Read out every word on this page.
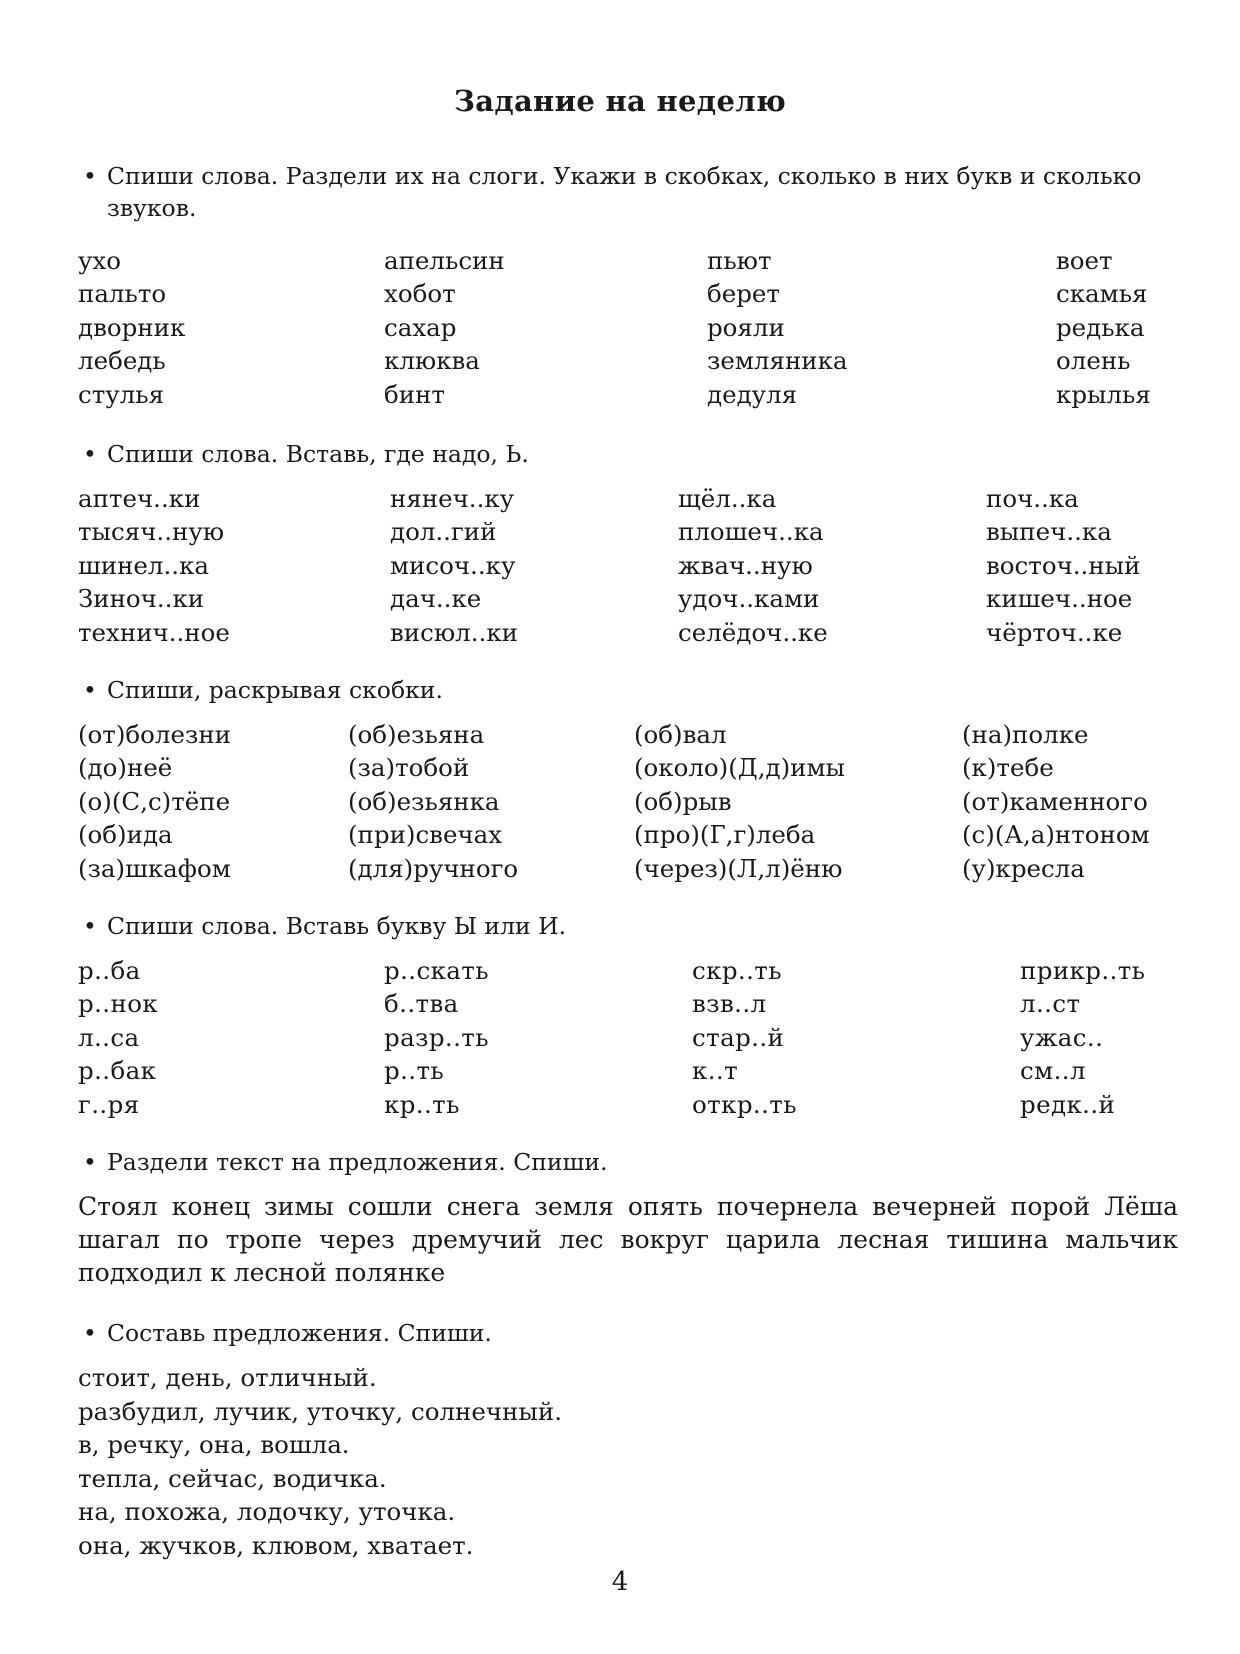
Задание на неделю
• Спиши слова. Раздели их на слоги. Укажи в скобках, сколько в них букв и сколько звуков.
ухо
пальто
дворник
лебедь
стулья
апельсин
хобот
сахар
клюква
бинт
пьют
берет
рояли
земляника
дедуля
воет
скамья
редька
олень
крылья
• Спиши слова. Вставь, где надо, Ь.
аптеч..ки
тысяч..ную
шинел..ка
Зиноч..ки
технич..ное
нянеч..ку
дол..гий
мисоч..ку
дач..ке
висюл..ки
щёл..ка
плошеч..ка
жвач..ную
удоч..ками
селёдоч..ке
поч..ка
выпеч..ка
восточ..ный
кишеч..ное
чёрточ..ке
• Спиши, раскрывая скобки.
(от)болезни
(до)неё
(о)(С,с)тёпе
(об)ида
(за)шкафом
(об)езьяна
(за)тобой
(об)езьянка
(при)свечах
(для)ручного
(об)вал
(около)(Д,д)имы
(об)рыв
(про)(Г,г)леба
(через)(Л,л)ёню
(на)полке
(к)тебе
(от)каменного
(с)(А,а)нтоном
(у)кресла
• Спиши слова. Вставь букву Ы или И.
р..ба
р..нок
л..са
р..бак
г..ря
р..скать
б..тва
разр..ть
р..ть
кр..ть
скр..ть
взв..л
стар..й
к..т
откр..ть
прикр..ть
л..ст
ужас..
см..л
редк..й
• Раздели текст на предложения. Спиши.
Стоял конец зимы сошли снега земля опять почернела вечерней порой Лёша шагал по тропе через дремучий лес вокруг царила лесная тишина мальчик подходил к лесной полянке
• Составь предложения. Спиши.
стоит, день, отличный.
разбудил, лучик, уточку, солнечный.
в, речку, она, вошла.
тепла, сейчас, водичка.
на, похожа, лодочку, уточка.
она, жучков, клювом, хватает.
4
